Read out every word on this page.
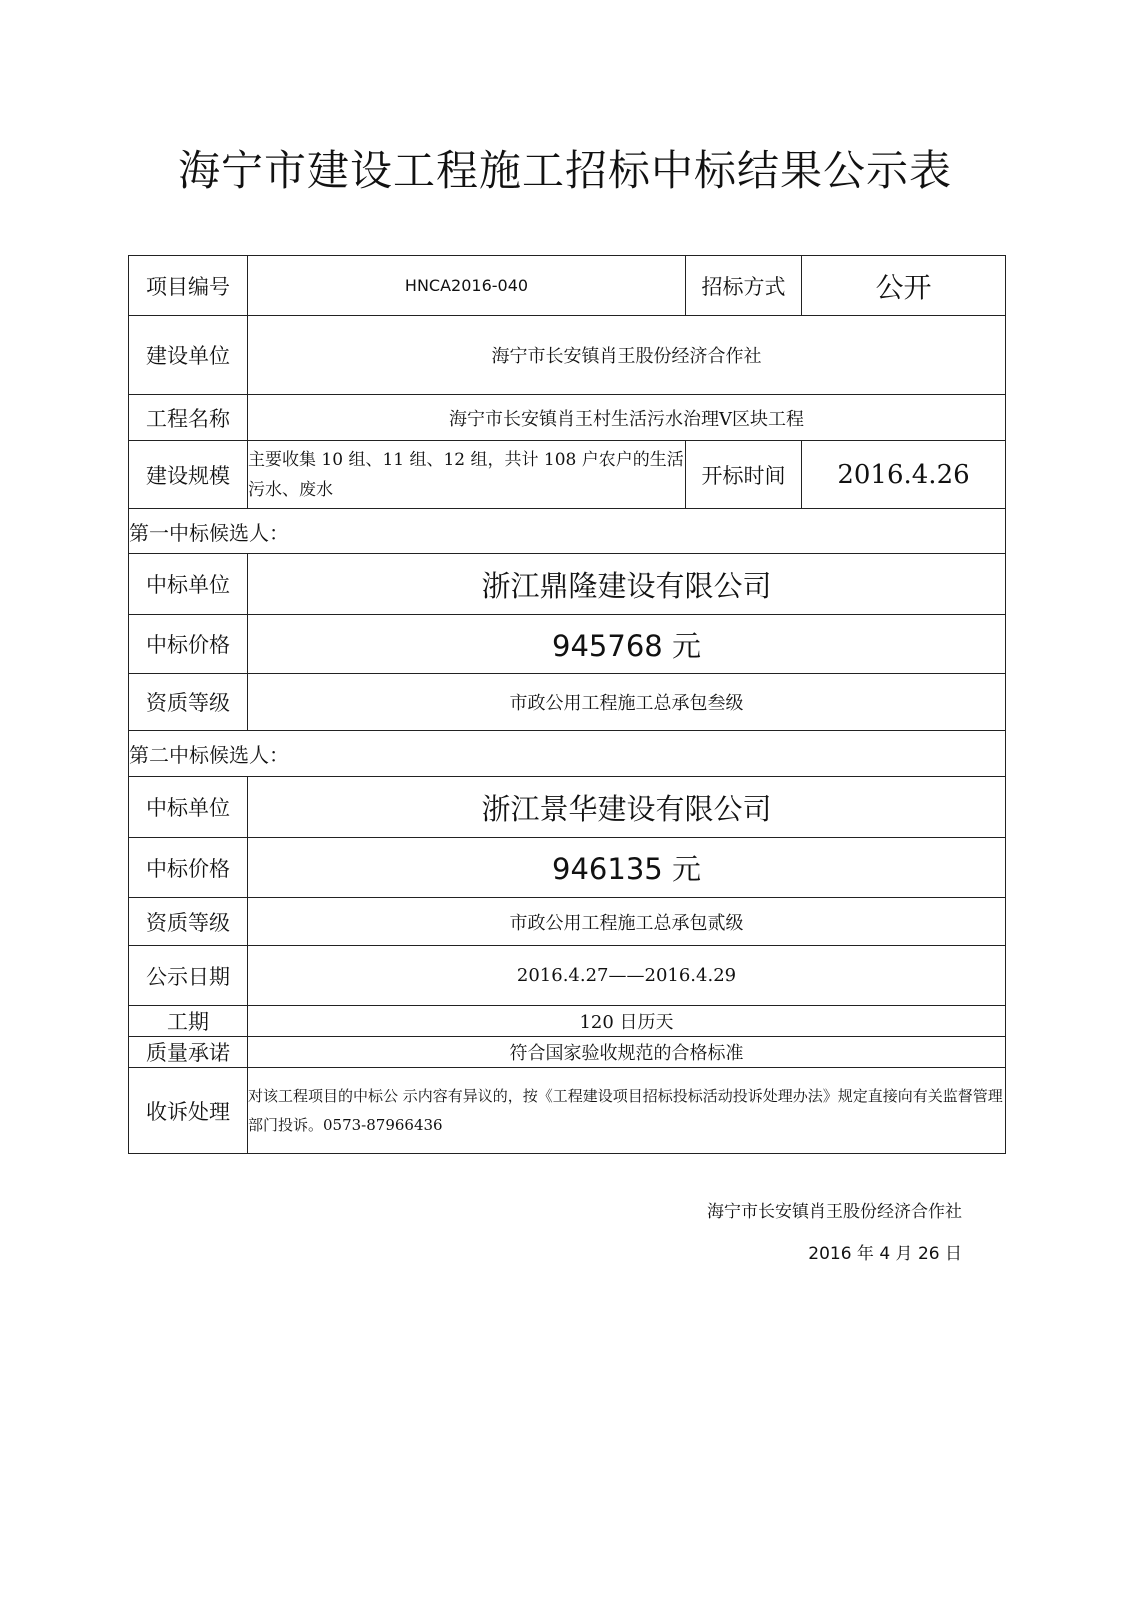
海宁市建设工程施工招标中标结果公示表
项目编号	HNCA2016-040	招标方式	公开
建设单位	海宁市长安镇肖王股份经济合作社		
工程名称	海宁市长安镇肖王村生活污水治理Ⅴ区块工程		
建设规模	主要收集 10 组、11 组、12 组，共计 108 户农户的生活污水、废水	开标时间	2016.4.26
第一中标候选人：			
中标单位	浙江鼎隆建设有限公司		
中标价格	945768 元		
资质等级	市政公用工程施工总承包叁级		
第二中标候选人：			
中标单位	浙江景华建设有限公司		
中标价格	946135 元		
资质等级	市政公用工程施工总承包贰级		
公示日期	2016.4.27——2016.4.29		
工期	120 日历天		
质量承诺	符合国家验收规范的合格标准		
收诉处理	对该工程项目的中标公 示内容有异议的，按《工程建设项目招标投标活动投诉处理办法》规定直接向有关监督管理部门投诉。0573-87966436		
海宁市长安镇肖王股份经济合作社
2016 年 4 月 26 日
